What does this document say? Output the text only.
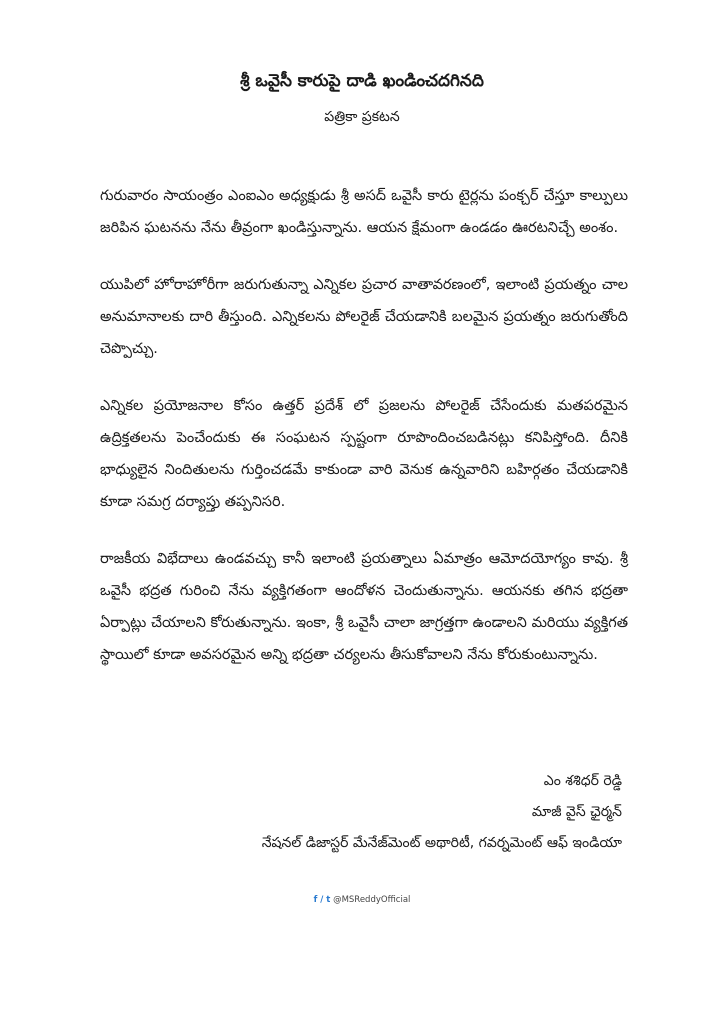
శ్రీ ఒవైసీ కారుపై దాడి ఖండించదగినది
పత్రికా ప్రకటన

గురువారం సాయంత్రం ఎంఐఎం అధ్యక్షుడు శ్రీ అసద్ ఒవైసీ కారు టైర్లను పంక్చర్ చేస్తూ కాల్పులు జరిపిన ఘటనను నేను తీవ్రంగా ఖండిస్తున్నాను. ఆయన క్షేమంగా ఉండడం ఊరటనిచ్చే అంశం.

యుపిలో హోరాహోరీగా జరుగుతున్నా ఎన్నికల ప్రచార వాతావరణంలో, ఇలాంటి ప్రయత్నం చాల అనుమానాలకు దారి తీస్తుంది. ఎన్నికలను పోలరైజ్ చేయడానికి బలమైన ప్రయత్నం జరుగుతోంది చెప్పొచ్చు.

ఎన్నికల ప్రయోజనాల కోసం ఉత్తర్ ప్రదేశ్ లో ప్రజలను పోలరైజ్ చేసేందుకు మతపరమైన ఉద్రిక్తతలను పెంచేందుకు ఈ సంఘటన స్పష్టంగా రూపొందించబడినట్లు కనిపిస్తోంది. దీనికి భాధ్యులైన నిందితులను గుర్తించడమే కాకుండా వారి వెనుక ఉన్నవారిని బహిర్గతం చేయడానికి కూడా సమగ్ర దర్యాప్తు తప్పనిసరి.

రాజకీయ విభేదాలు ఉండవచ్చు కానీ ఇలాంటి ప్రయత్నాలు ఏమాత్రం ఆమోదయోగ్యం కావు. శ్రీ ఒవైసీ భద్రత గురించి నేను వ్యక్తిగతంగా ఆందోళన చెందుతున్నాను. ఆయనకు తగిన భద్రతా ఏర్పాట్లు చేయాలని కోరుతున్నాను. ఇంకా, శ్రీ ఒవైసీ చాలా జాగ్రత్తగా ఉండాలని మరియు వ్యక్తిగత స్థాయిలో కూడా అవసరమైన అన్ని భద్రతా చర్యలను తీసుకోవాలని నేను కోరుకుంటున్నాను.

ఎం శశిధర్ రెడ్డి
మాజీ వైస్ ఛైర్మన్
నేషనల్ డిజాస్టర్ మేనేజ్‌మెంట్ అథారిటీ, గవర్నమెంట్ ఆఫ్ ఇండియా
f / t @MSReddyOfficial
